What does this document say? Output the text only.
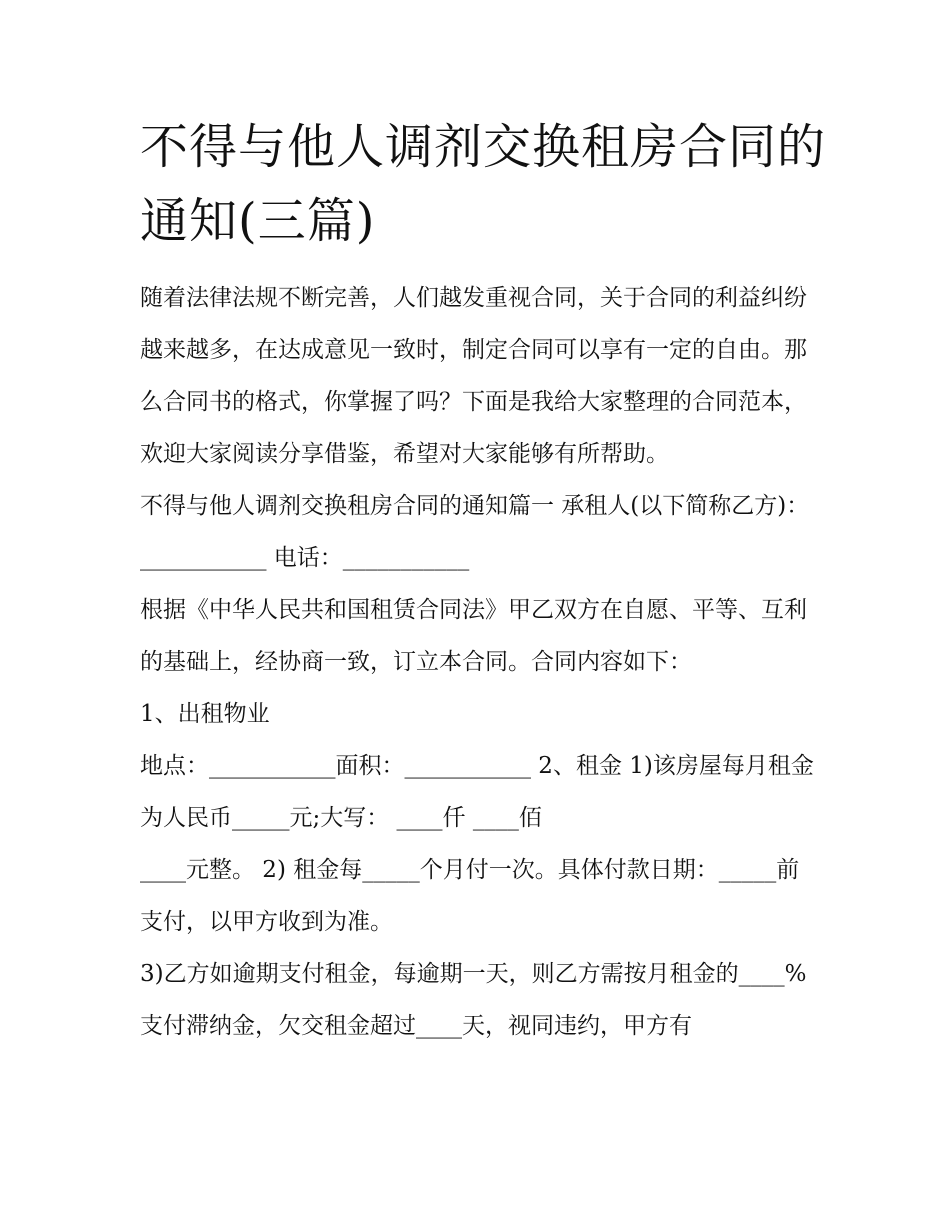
不得与他人调剂交换租房合同的通知(三篇)

随着法律法规不断完善，人们越发重视合同，关于合同的利益纠纷越来越多，在达成意见一致时，制定合同可以享有一定的自由。那么合同书的格式，你掌握了吗？下面是我给大家整理的合同范本，欢迎大家阅读分享借鉴，希望对大家能够有所帮助。

不得与他人调剂交换租房合同的通知篇一 承租人(以下简称乙方)：___________ 电话：___________

根据《中华人民共和国租赁合同法》甲乙双方在自愿、平等、互利的基础上，经协商一致，订立本合同。合同内容如下：

1、出租物业

地点：___________面积：___________ 2、租金 1)该房屋每月租金为人民币_____元;大写： ____仟 ____佰

____元整。 2) 租金每_____个月付一次。具体付款日期：_____前支付，以甲方收到为准。

3)乙方如逾期支付租金，每逾期一天，则乙方需按月租金的____%支付滞纳金，欠交租金超过____天，视同违约，甲方有
